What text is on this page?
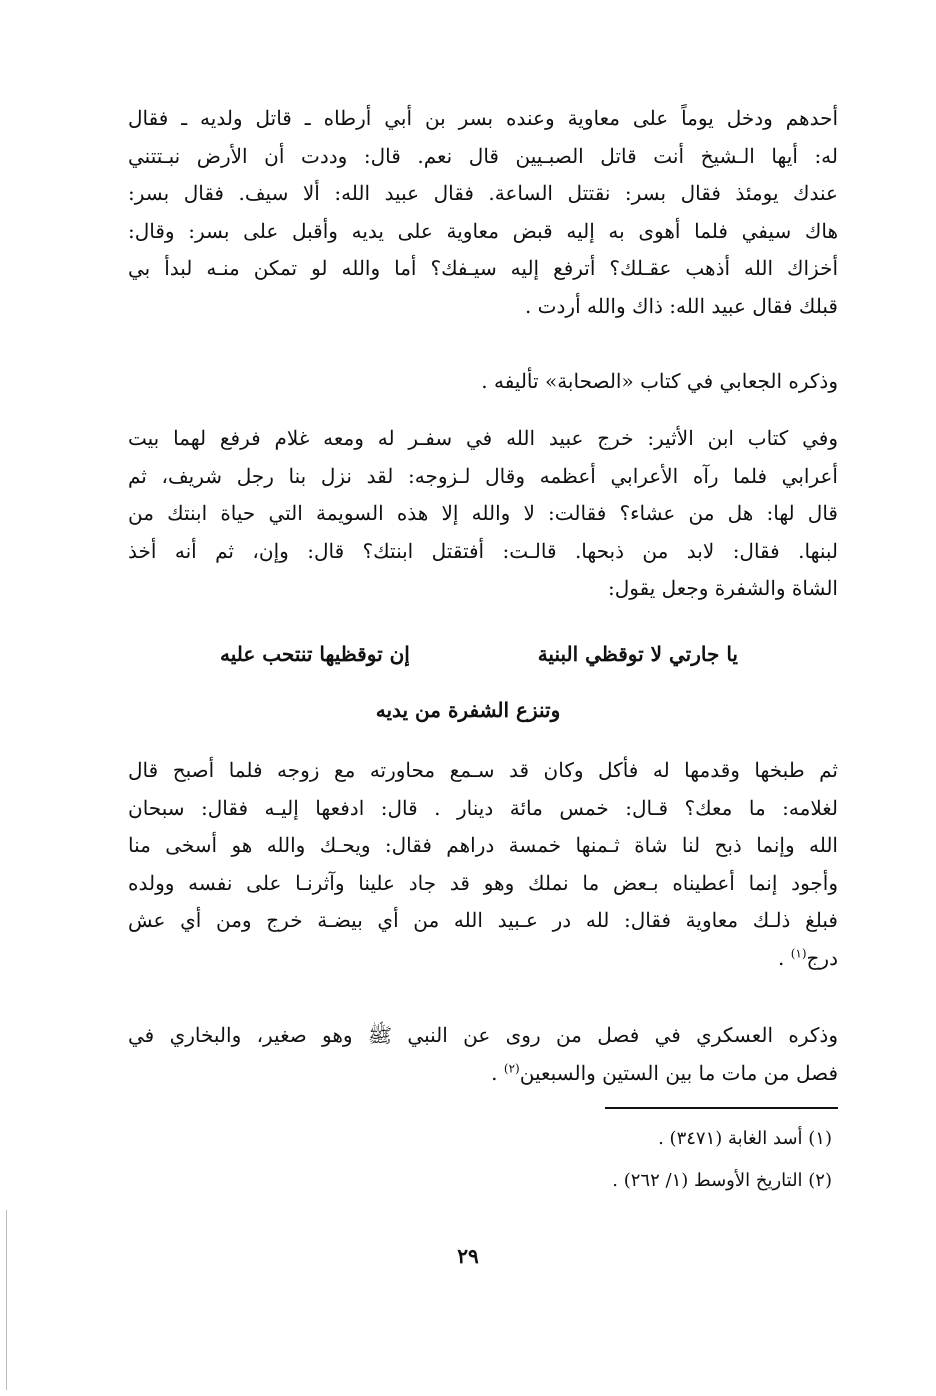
أحدهم ودخل يوماً على معاوية وعنده بسر بن أبي أرطاه ـ قاتل ولديه ـ فقال
له: أيها الـشيخ أنت قاتل الصبـيين قال نعم. قال: وددت أن الأرض نبـتتني
عندك يومئذ فقال بسر: نقتتل الساعة. فقال عبيد الله: ألا سيف. فقال بسر:
هاك سيفي فلما أهوى به إليه قبض معاوية على يديه وأقبل على بسر: وقال:
أخزاك الله أذهب عقـلك؟ أترفع إليه سيـفك؟ أما والله لو تمكن منـه لبدأ بي
قبلك فقال عبيد الله: ذاك والله أردت .
وذكره الجعابي في كتاب «الصحابة» تأليفه .
وفي كتاب ابن الأثير: خرج عبيد الله في سفـر له ومعه غلام فرفع لهما بيت
أعرابي فلما رآه الأعرابي أعظمه وقال لـزوجه: لقد نزل بنا رجل شريف، ثم
قال لها: هل من عشاء؟ فقالت: لا والله إلا هذه السويمة التي حياة ابنتك من
لبنها. فقال: لابد من ذبحها. قالـت: أفتقتل ابنتك؟ قال: وإن، ثم أنه أخذ
الشاة والشفرة وجعل يقول:
يا جارتي لا توقظي البنية
إن توقظيها تنتحب عليه
وتنزع الشفرة من يديه
ثم طبخها وقدمها له فأكل وكان قد سـمع محاورته مع زوجه فلما أصبح قال
لغلامه: ما معك؟ قـال: خمس مائة دينار . قال: ادفعها إليـه فقال: سبحان
الله وإنما ذبح لنا شاة ثـمنها خمسة دراهم فقال: ويحـك والله هو أسخى منا
وأجود إنما أعطيناه بـعض ما نملك وهو قد جاد علينا وآثرنـا على نفسه وولده
فبلغ ذلـك معاوية فقال: لله در عـبيد الله من أي بيضـة خرج ومن أي عش
درج$^{(١)}$ .
وذكره العسكري في فصل من روى عن النبي ﷺ وهو صغير، والبخاري في
فصل من مات ما بين الستين والسبعين$^{(٢)}$ .
(١) أسد الغابة (٣٤٧١) .
(٢) التاريخ الأوسط (١/ ٢٦٢) .
٢٩
